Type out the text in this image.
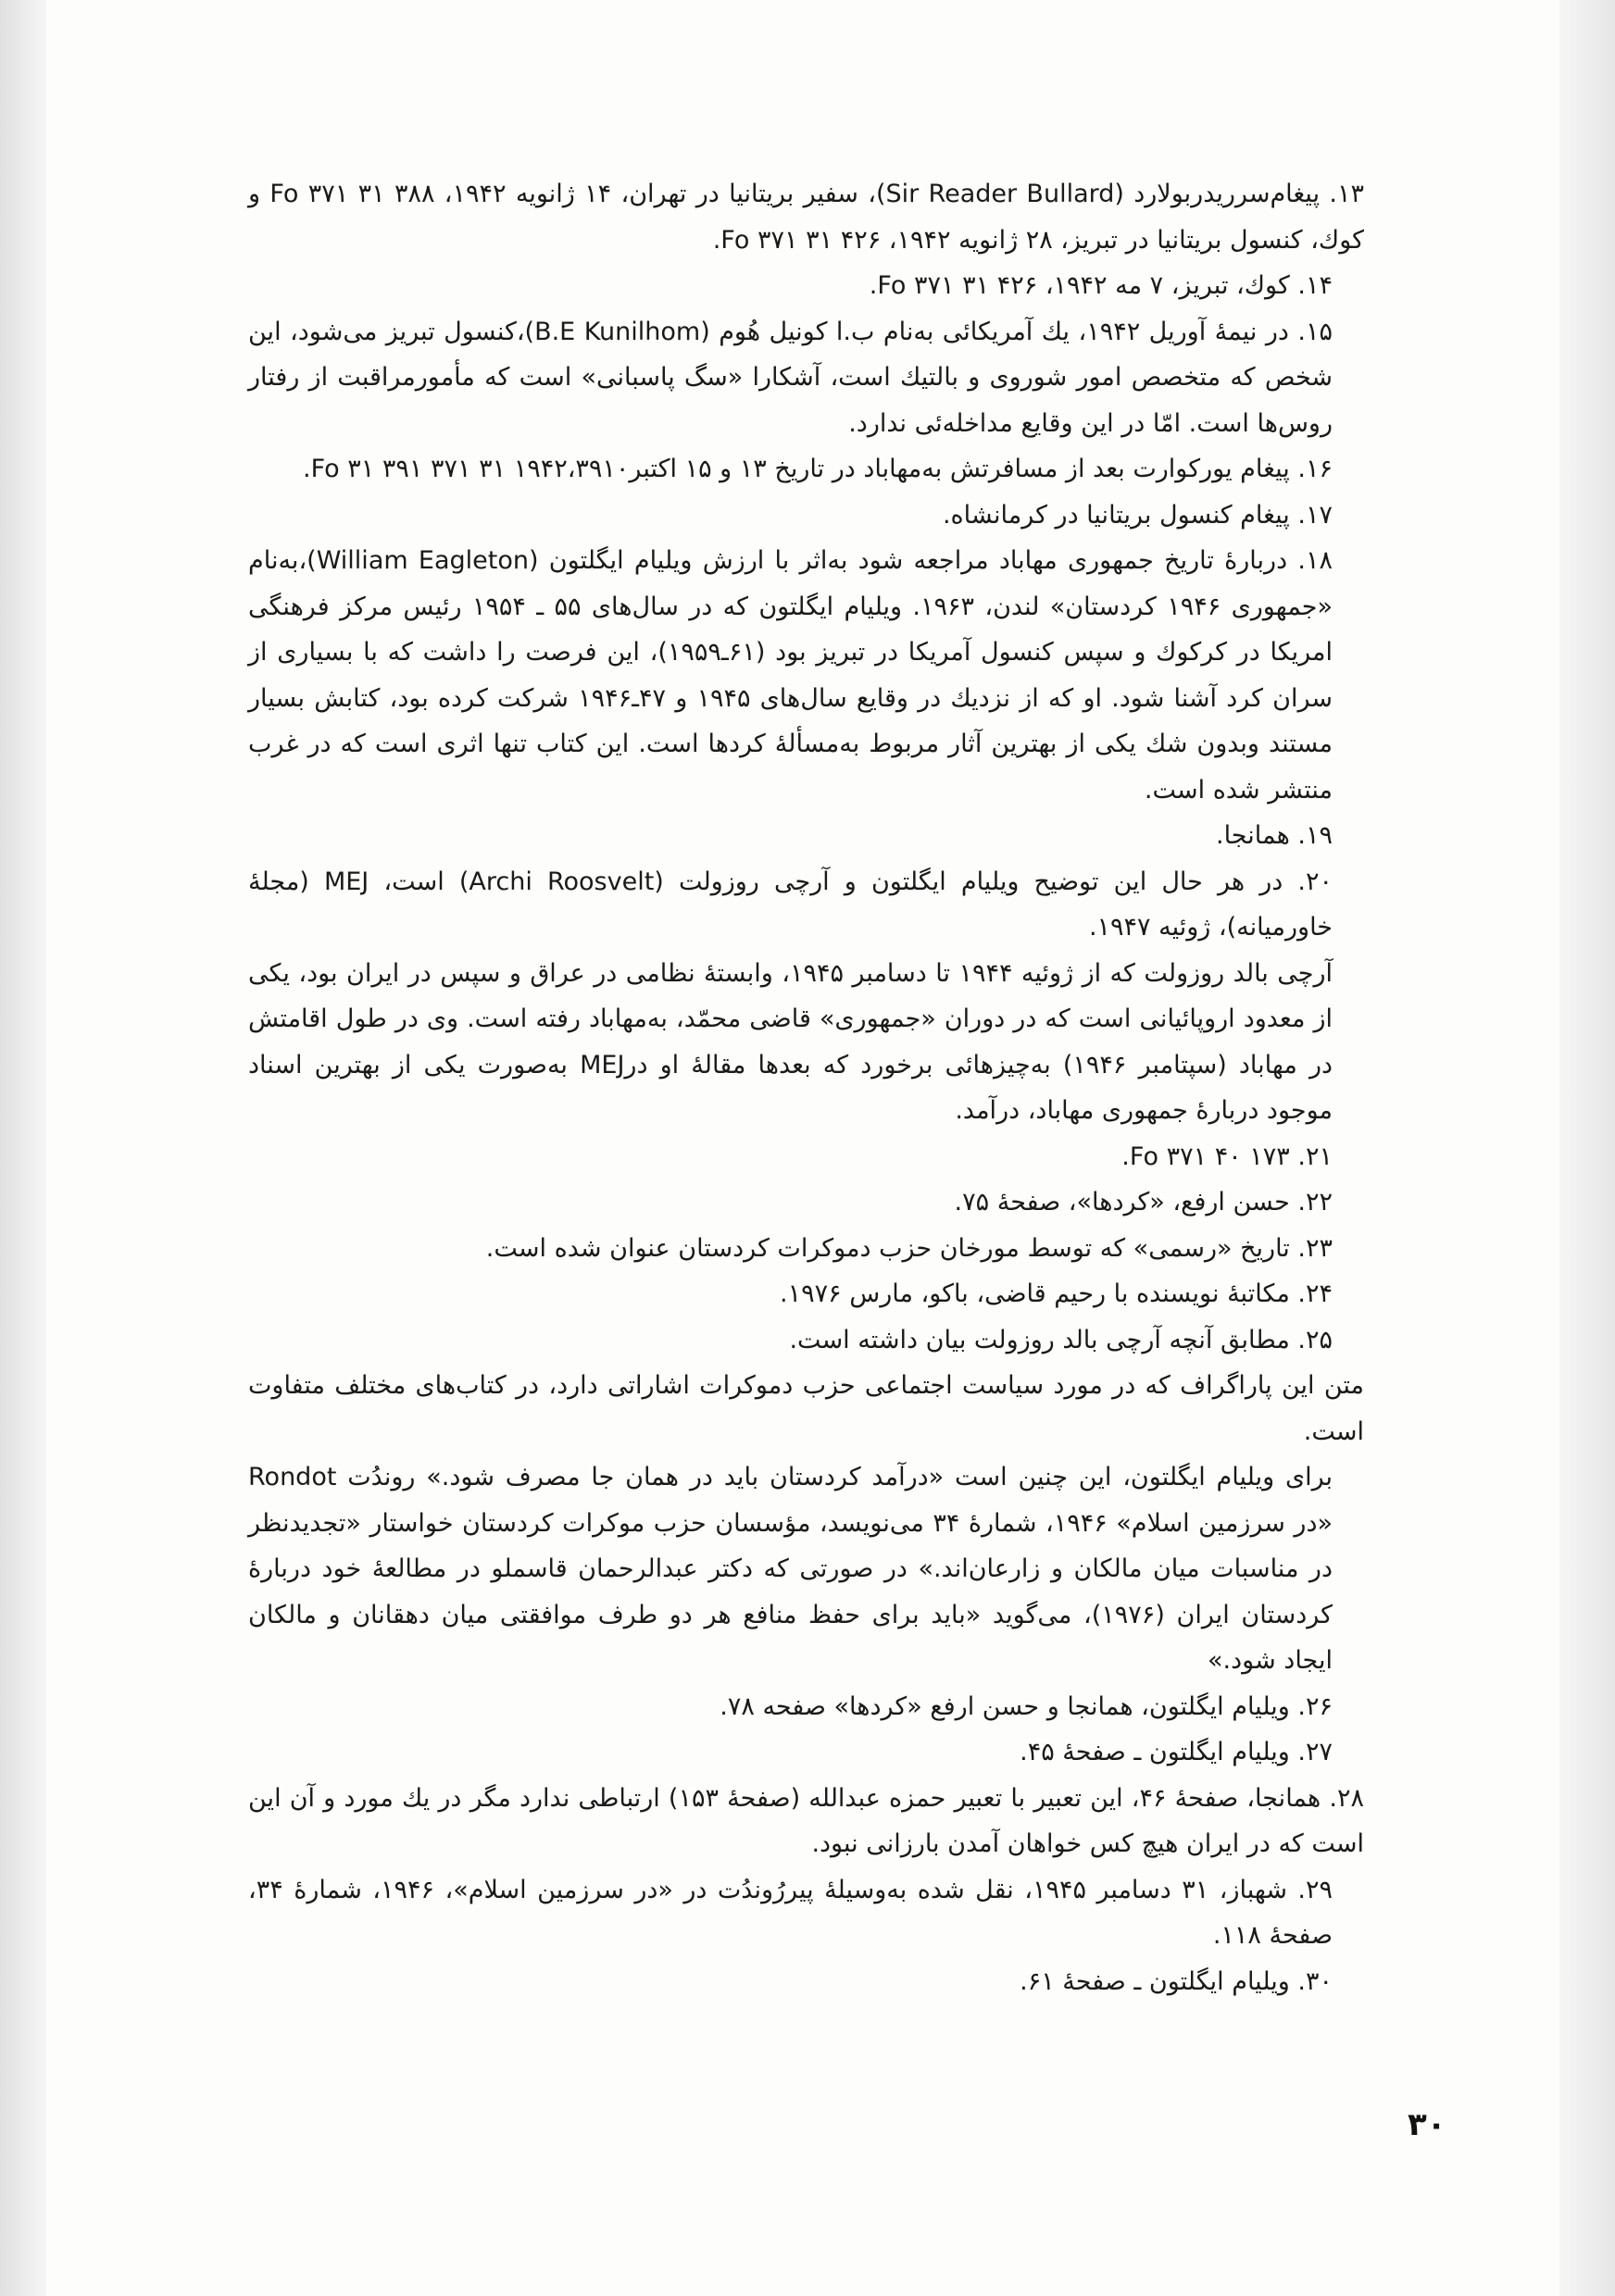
۱۳. پیغام‌سرریدربولارد (Sir Reader Bullard)، سفیر بریتانیا در تهران، ۱۴ ژانویه ۱۹۴۲، ۳۸۸ ۳۱ ۳۷۱ Fo و کوك، کنسول بریتانیا در تبریز، ۲۸ ژانویه ۱۹۴۲، ۴۲۶ ۳۱ ۳۷۱ Fo.

۱۴. کوك، تبریز، ۷ مه ۱۹۴۲، ۴۲۶ ۳۱ ۳۷۱ Fo.

۱۵. در نیمهٔ آوریل ۱۹۴۲، یك آمریکائی به‌نام ب.ا کونیل هُوم (B.E Kunilhom)،کنسول تبریز می‌شود، این شخص که متخصص امور شوروی و بالتیك است، آشکارا «سگ پاسبانی» است که مأمورمراقبت از رفتار روس‌ها است. امّا در این وقایع مداخله‌ئی ندارد.

۱۶. پیغام یورکوارت بعد از مسافرتش به‌مهاباد در تاریخ ۱۳ و ۱۵ اکتبر۱۹۴۲،۳۹۱۰ ۳۱ ۳۷۱ ۳۹۱ ۳۱ Fo.

۱۷. پیغام کنسول بریتانیا در کرمانشاه.

۱۸. دربارهٔ تاریخ جمهوری مهاباد مراجعه شود به‌اثر با ارزش ویلیام ایگلتون (William Eagleton)،به‌نام «جمهوری ۱۹۴۶ کردستان» لندن، ۱۹۶۳. ویلیام ایگلتون که در سال‌های ۵۵ ـ ۱۹۵۴ رئیس مرکز فرهنگی امریکا در کرکوك و سپس کنسول آمریکا در تبریز بود (۶۱ـ۱۹۵۹)، این فرصت را داشت که با بسیاری از سران کرد آشنا شود. او که از نزدیك در وقایع سال‌های ۱۹۴۵ و ۴۷ـ۱۹۴۶ شرکت کرده بود، کتابش بسیار مستند وبدون شك یکی از بهترین آثار مربوط به‌مسألهٔ کردها است. این کتاب تنها اثری است که در غرب منتشر شده است.

۱۹. همانجا.

۲۰. در هر حال این توضیح ویلیام ایگلتون و آرچی روزولت (Archi Roosvelt) است، MEJ (مجلهٔ خاورمیانه)، ژوئیه ۱۹۴۷.

آرچی بالد روزولت که از ژوئیه ۱۹۴۴ تا دسامبر ۱۹۴۵، وابستهٔ نظامی در عراق و سپس در ایران بود، یکی از معدود اروپائیانی است که در دوران «جمهوری» قاضی محمّد، به‌مهاباد رفته است. وی در طول اقامتش در مهاباد (سپتامبر ۱۹۴۶) به‌چیزهائی برخورد که بعدها مقالهٔ او درMEJ به‌صورت یکی از بهترین اسناد موجود دربارهٔ جمهوری مهاباد، درآمد.

۲۱. ۱۷۳ ۴۰ ۳۷۱ Fo.

۲۲. حسن ارفع، «کردها»، صفحهٔ ۷۵.

۲۳. تاریخ «رسمی» که توسط مورخان حزب دموکرات کردستان عنوان شده است.

۲۴. مکاتبهٔ نویسنده با رحیم قاضی، باکو، مارس ۱۹۷۶.

۲۵. مطابق آنچه آرچی بالد روزولت بیان داشته است.

متن این پاراگراف که در مورد سیاست اجتماعی حزب دموکرات اشاراتی دارد، در کتاب‌های مختلف متفاوت است.

برای ویلیام ایگلتون، این چنین است «درآمد کردستان باید در همان جا مصرف شود.» روندُت Rondot «در سرزمین اسلام» ۱۹۴۶، شمارهٔ ۳۴ می‌نویسد، مؤسسان حزب موکرات کردستان خواستار «تجدیدنظر در مناسبات میان مالکان و زارعان‌اند.» در صورتی که دکتر عبدالرحمان قاسملو در مطالعهٔ خود دربارهٔ کردستان ایران (۱۹۷۶)، می‌گوید «باید برای حفظ منافع هر دو طرف موافقتی میان دهقانان و مالکان ایجاد شود.»

۲۶. ویلیام ایگلتون، همانجا و حسن ارفع «کردها» صفحه ۷۸.

۲۷. ویلیام ایگلتون ـ صفحهٔ ۴۵.

۲۸. همانجا، صفحهٔ ۴۶، این تعبیر با تعبیر حمزه عبدالله (صفحهٔ ۱۵۳) ارتباطی ندارد مگر در یك مورد و آن این است که در ایران هیچ کس خواهان آمدن بارزانی نبود.

۲۹. شهباز، ۳۱ دسامبر ۱۹۴۵، نقل شده به‌وسیلهٔ پیررُوندُت در «در سرزمین اسلام»، ۱۹۴۶، شمارهٔ ۳۴، صفحهٔ ۱۱۸.

۳۰. ویلیام ایگلتون ـ صفحهٔ ۶۱.

۳۰
